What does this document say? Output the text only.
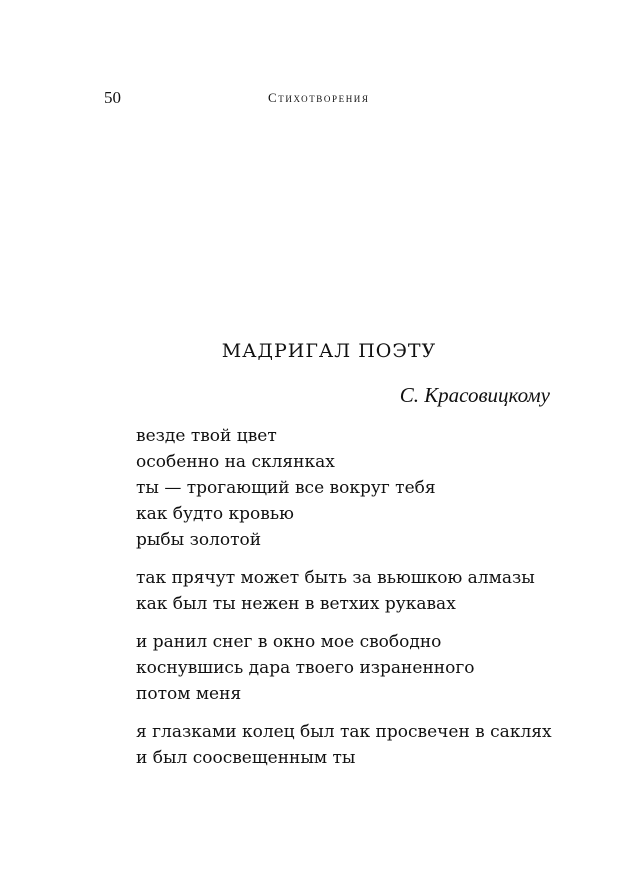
50	Стихотворения
МАДРИГАЛ ПОЭТУ
С. Красовицкому
везде твой цвет
особенно на склянках
ты — трогающий все вокруг тебя
как будто кровью
рыбы золотой
так прячут может быть за вьюшкою алмазы
как был ты нежен в ветхих рукавах
и ранил снег в окно мое свободно
коснувшись дара твоего израненного
потом меня
я глазками колец был так просвечен в саклях
и был соосвещенным ты
